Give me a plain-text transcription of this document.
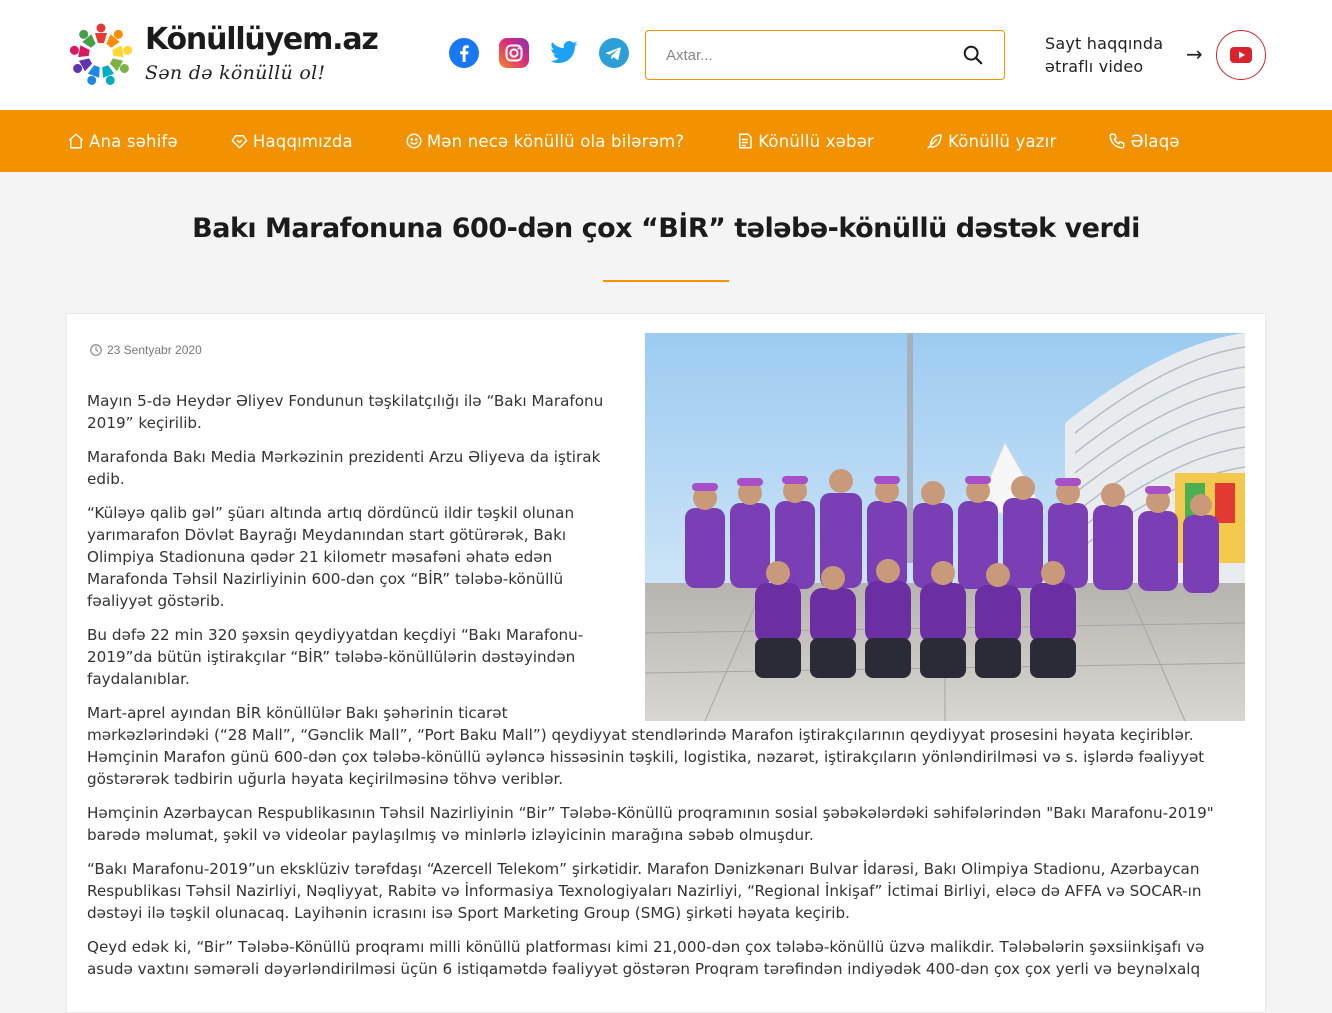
Könüllüyem.az
Sən də könüllü ol!
Axtar...
Sayt haqqında
ətraflı video
→
Ana səhifə	Haqqımızda	Mən necə könüllü ola bilərəm?	Könüllü xəbər	Könüllü yazır	Əlaqə
Bakı Marafonuna 600-dən çox “BİR” tələbə-könüllü dəstək verdi
23 Sentyabr 2020

Mayın 5-də Heydər Əliyev Fondunun təşkilatçılığı ilə “Bakı Marafonu 2019” keçirilib.

Marafonda Bakı Media Mərkəzinin prezidenti Arzu Əliyeva da iştirak edib.

“Küləyə qalib gəl” şüarı altında artıq dördüncü ildir təşkil olunan yarımarafon Dövlət Bayrağı Meydanından start götürərək, Bakı Olimpiya Stadionuna qədər 21 kilometr məsafəni əhatə edən Marafonda Təhsil Nazirliyinin 600-dən çox “BİR” tələbə-könüllü fəaliyyət göstərib.

Bu dəfə 22 min 320 şəxsin qeydiyyatdan keçdiyi “Bakı Marafonu-2019”da bütün iştirakçılar “BİR” tələbə-könüllülərin dəstəyindən faydalanıblar.

Mart-aprel ayından BİR könüllülər Bakı şəhərinin ticarət mərkəzlərindəki (“28 Mall”, “Gənclik Mall”, “Port Baku Mall”) qeydiyyat stendlərində Marafon iştirakçılarının qeydiyyat prosesini həyata keçiriblər. Həmçinin Marafon günü 600-dən çox tələbə-könüllü əyləncə hissəsinin təşkili, logistika, nəzarət, iştirakçıların yönləndirilməsi və s. işlərdə fəaliyyət göstərərək tədbirin uğurla həyata keçirilməsinə töhvə veriblər.

Həmçinin Azərbaycan Respublikasının Təhsil Nazirliyinin “Bir” Tələbə-Könüllü proqramının sosial şəbəkələrdəki səhifələrindən "Bakı Marafonu-2019" barədə məlumat, şəkil və videolar paylaşılmış və minlərlə izləyicinin marağına səbəb olmuşdur.

“Bakı Marafonu-2019”un eksklüziv tərəfdaşı “Azercell Telekom” şirkətidir. Marafon Dənizkənarı Bulvar İdarəsi, Bakı Olimpiya Stadionu, Azərbaycan Respublikası Təhsil Nazirliyi, Nəqliyyat, Rabitə və İnformasiya Texnologiyaları Nazirliyi, “Regional İnkişaf” İctimai Birliyi, eləcə də AFFA və SOCAR-ın dəstəyi ilə təşkil olunacaq. Layihənin icrasını isə Sport Marketing Group (SMG) şirkəti həyata keçirib.

Qeyd edək ki, “Bir” Tələbə-Könüllü proqramı milli könüllü platforması kimi 21,000-dən çox tələbə-könüllü üzvə malikdir. Tələbələrin şəxsiinkişafı və asudə vaxtını səmərəli dəyərləndirilməsi üçün 6 istiqamətdə fəaliyyət göstərən Proqram tərəfindən indiyədək 400-dən çox çox yerli və beynəlxalq
